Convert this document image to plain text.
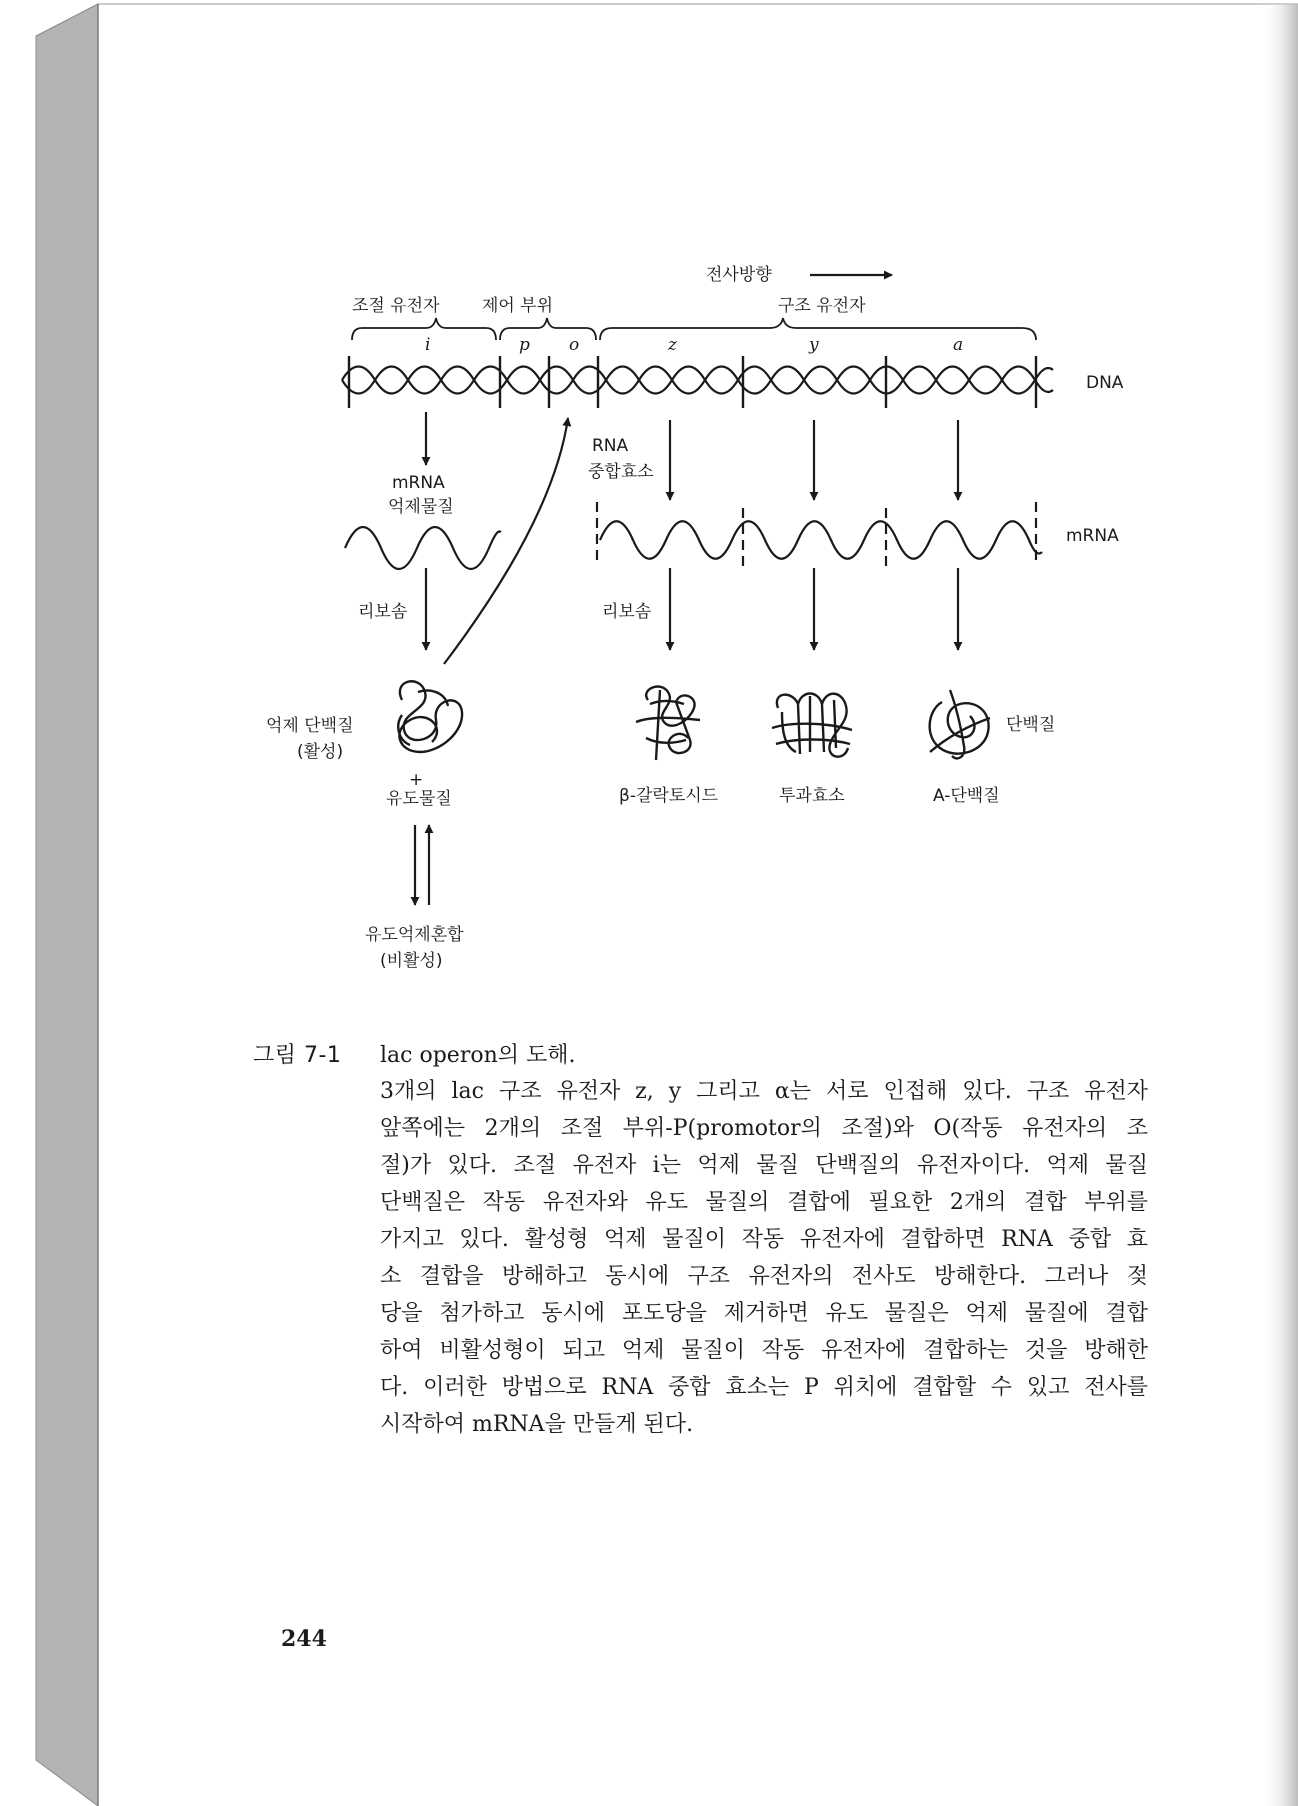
전사방향
조절 유전자 제어 부위	구조 유전자
i	p o	z	y	a
DNA
mRNA
억제물질
리보솜
억제 단백질
(활성)
+
유도물질
유도억제혼합
(비활성)
RNA
중합효소
mRNA
리보솜
단백질
β-갈락토시드	투과효소	A-단백질
그림 7-1 lac operon의 도해.
3개의 lac 구조 유전자 z, y 그리고 α는 서로 인접해 있다. 구조 유전자
앞쪽에는 2개의 조절 부위-P(promotor의 조절)와 O(작동 유전자의 조
절)가 있다. 조절 유전자 i는 억제 물질 단백질의 유전자이다. 억제 물질
단백질은 작동 유전자와 유도 물질의 결합에 필요한 2개의 결합 부위를
가지고 있다. 활성형 억제 물질이 작동 유전자에 결합하면 RNA 중합 효
소 결합을 방해하고 동시에 구조 유전자의 전사도 방해한다. 그러나 젖
당을 첨가하고 동시에 포도당을 제거하면 유도 물질은 억제 물질에 결합
하여 비활성형이 되고 억제 물질이 작동 유전자에 결합하는 것을 방해한
다. 이러한 방법으로 RNA 중합 효소는 P 위치에 결합할 수 있고 전사를
시작하여 mRNA을 만들게 된다.
244
